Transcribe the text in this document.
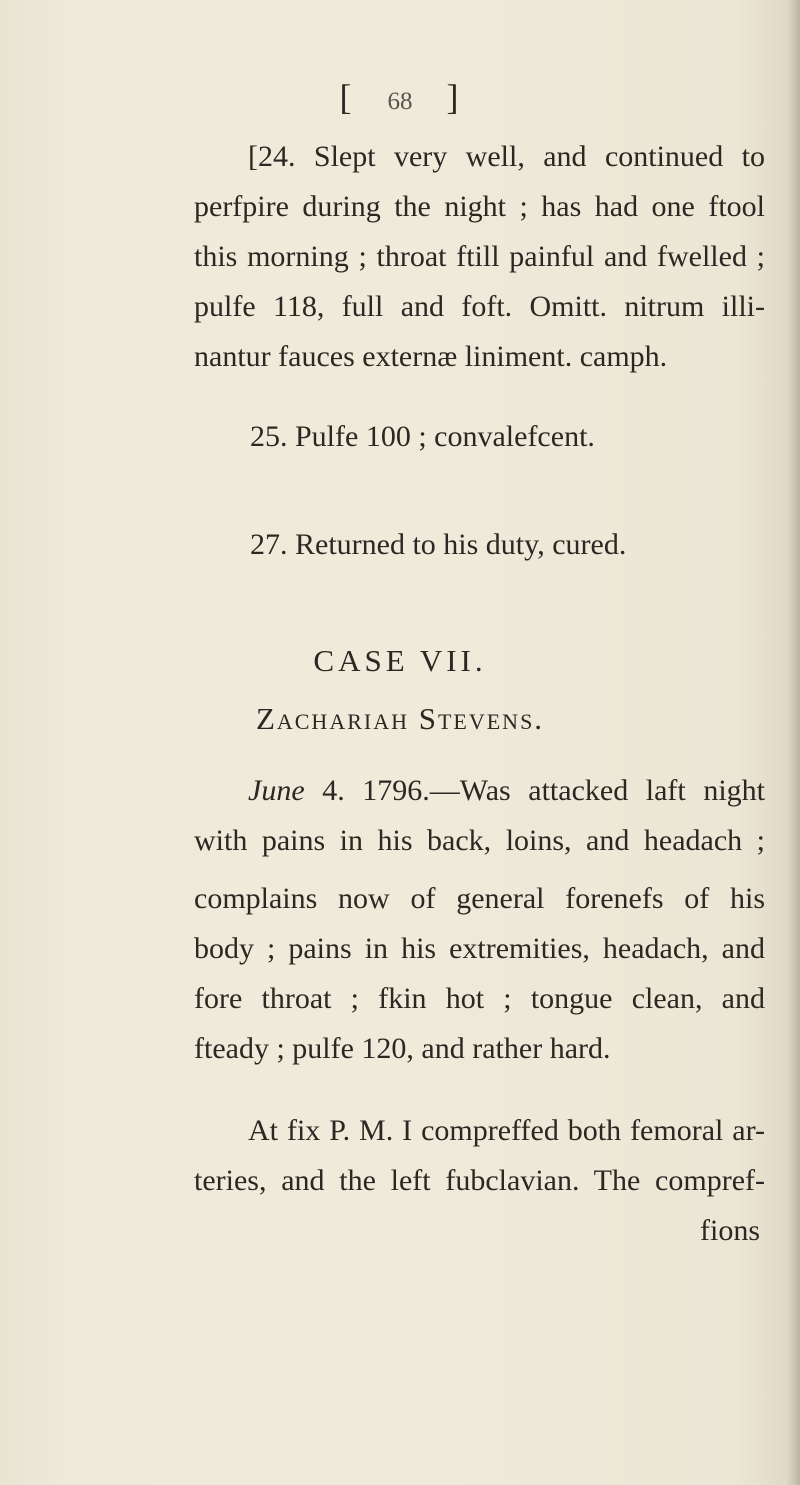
[ 68 ]
[24. Slept very well, and continued to
perfpire during the night ; has had one ftool
this morning ; throat ftill painful and fwelled ;
pulfe 118, full and foft. Omitt. nitrum illi-
nantur fauces externæ liniment. camph.
25. Pulfe 100 ; convalefcent.
27. Returned to his duty, cured.
CASE VII.
Zachariah Stevens.
June 4. 1796.—Was attacked laft night
with pains in his back, loins, and headach ;
complains now of general forenefs of his
body ; pains in his extremities, headach, and
fore throat ; fkin hot ; tongue clean, and
fteady ; pulfe 120, and rather hard.
At fix P. M. I compreffed both femoral ar-
teries, and the left fubclavian. The compref-
fions
